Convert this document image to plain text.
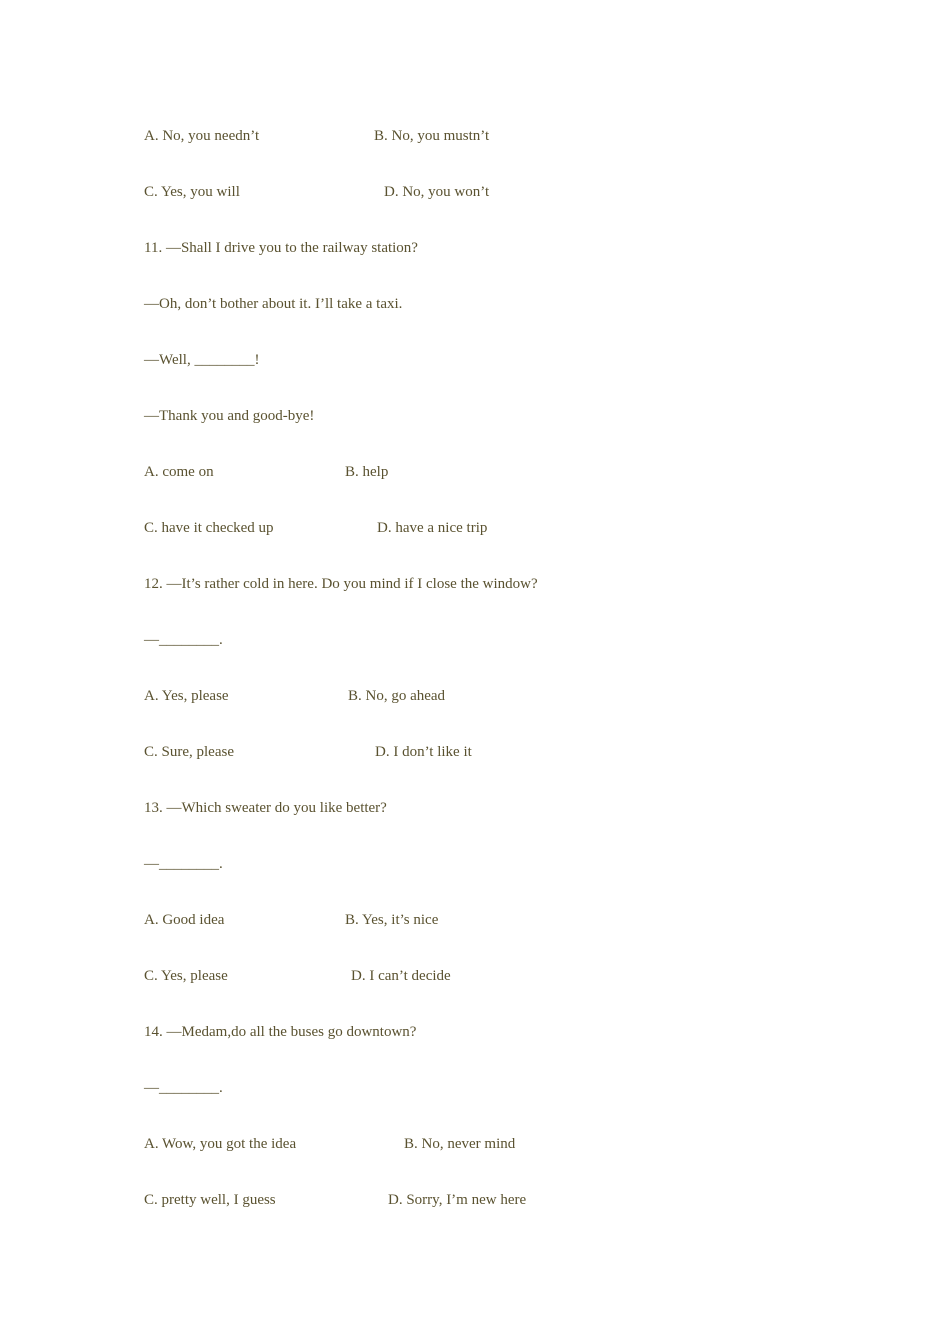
A. No, you needn’t

	B. No, you mustn’t

C. Yes, you will

	D. No, you won’t

11. —Shall I drive you to the railway station?
—Oh, don’t bother about it. I’ll take a taxi.
—Well, ________!
—Thank you and good-bye!

A. come on

	B. help

C. have it checked up

	D. have a nice trip

12. —It’s rather cold in here. Do you mind if I close the window?
—________.

A. Yes, please

	B. No, go ahead

C. Sure, please

	D. I don’t like it

13. —Which sweater do you like better?
—________.

A. Good idea

	B. Yes, it’s nice

C. Yes, please

	D. I can’t decide

14. —Medam,do all the buses go downtown?
—________.

A. Wow, you got the idea

	B. No, never mind

C. pretty well, I guess

	D. Sorry, I’m new here
